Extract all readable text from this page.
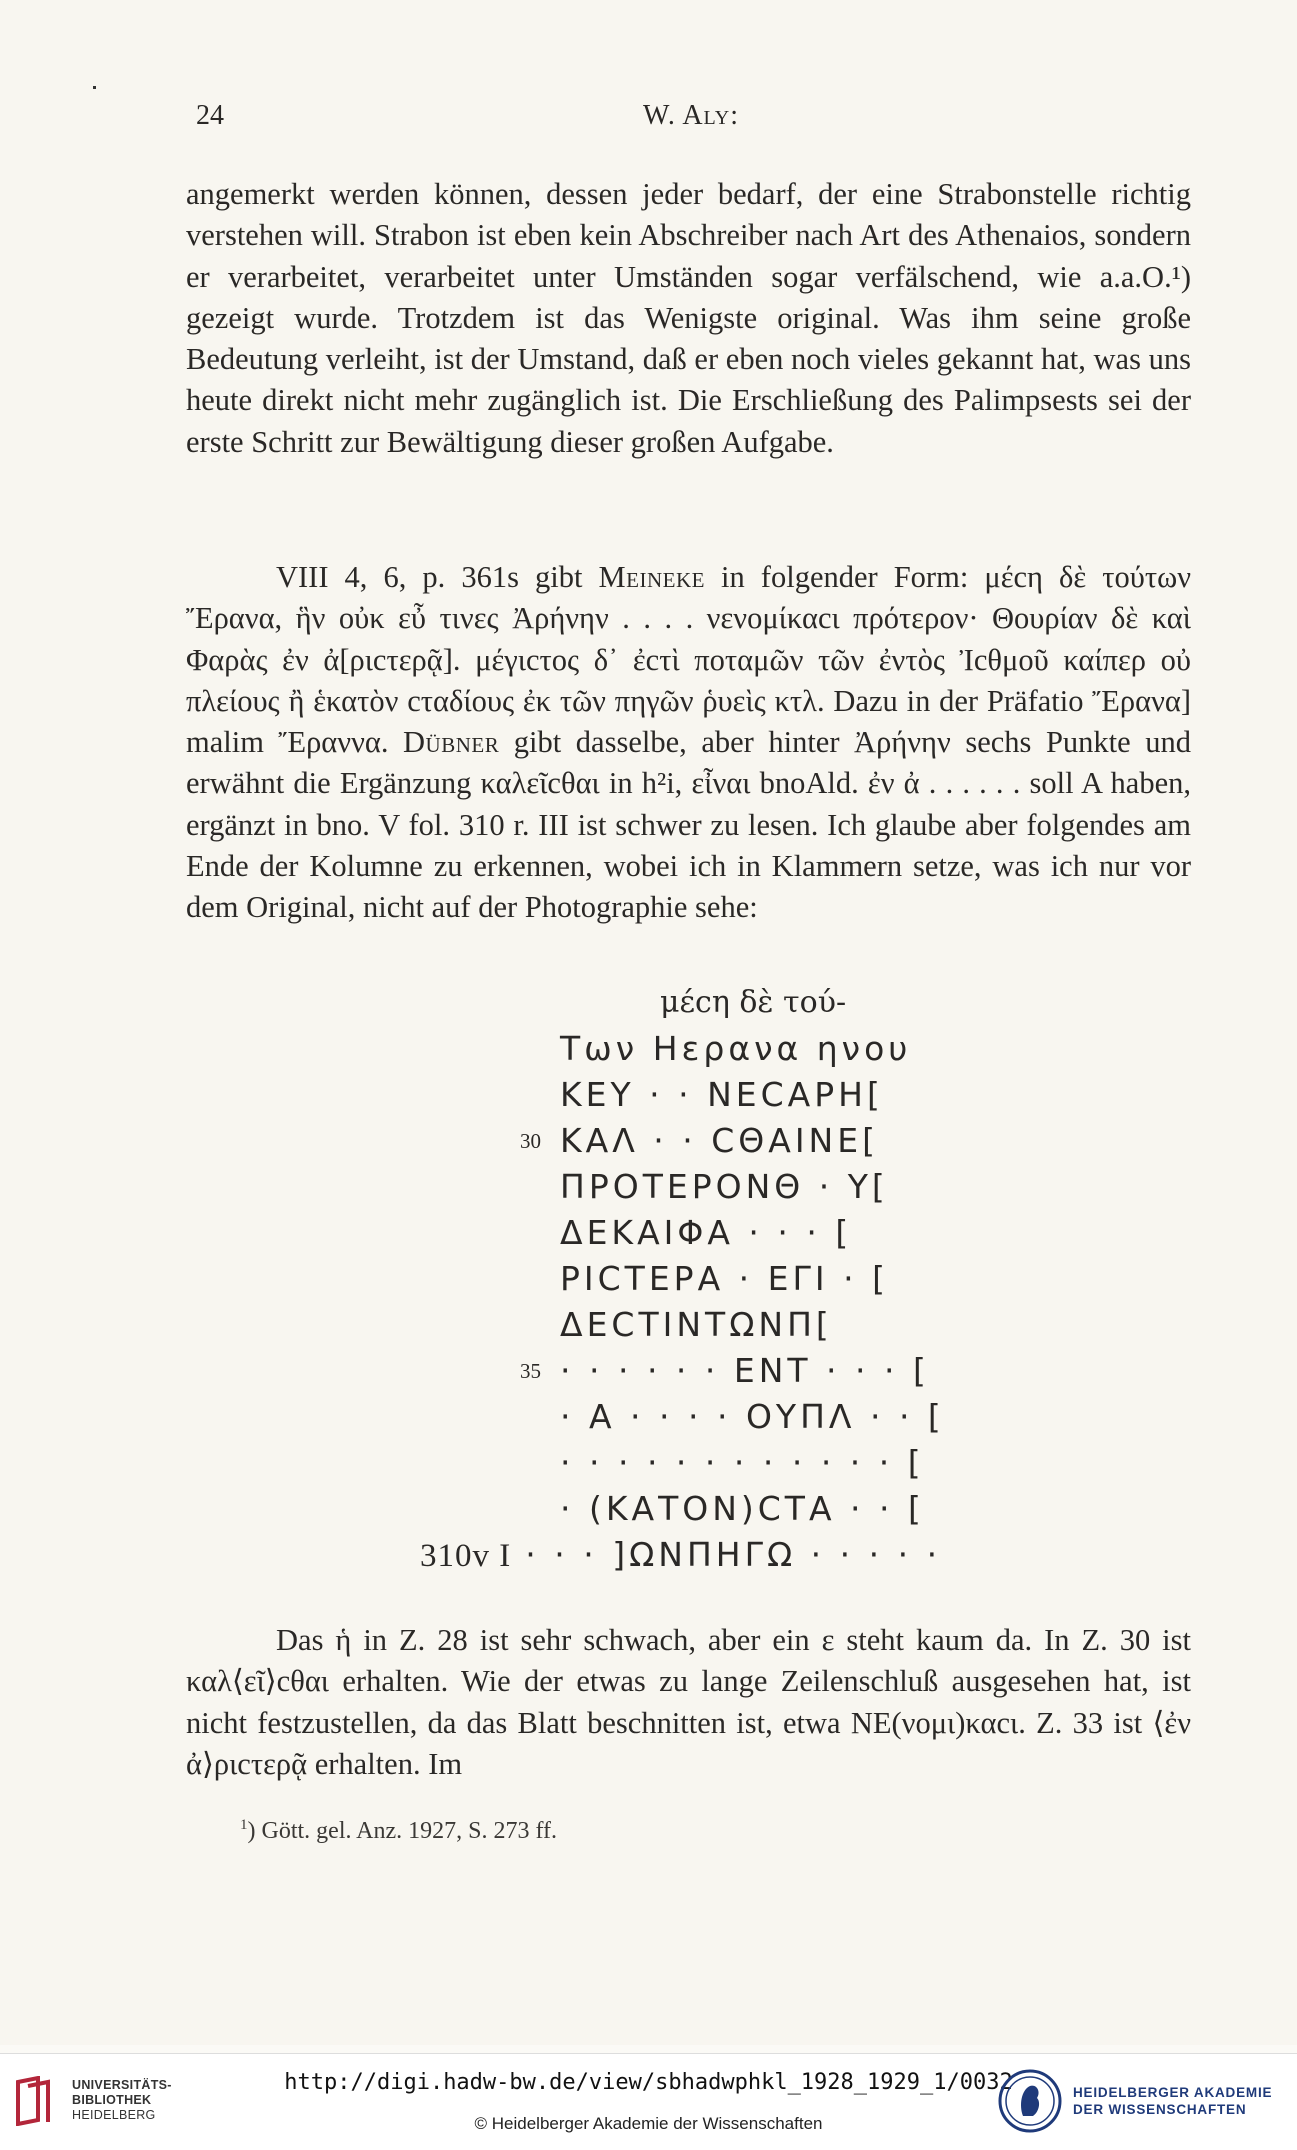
24	W. Aly:

angemerkt werden können, dessen jeder bedarf, der eine Strabonstelle richtig verstehen will. Strabon ist eben kein Abschreiber nach Art des Athenaios, sondern er verarbeitet, verarbeitet unter Umständen sogar verfälschend, wie a.a.O.¹) gezeigt wurde. Trotzdem ist das Wenigste original. Was ihm seine große Bedeutung verleiht, ist der Umstand, daß er eben noch vieles gekannt hat, was uns heute direkt nicht mehr zugänglich ist. Die Erschließung des Palimpsests sei der erste Schritt zur Bewältigung dieser großen Aufgabe.

VIII 4, 6, p. 361s gibt Meineke in folgender Form: μέcη δὲ τούτων Ἔρανα, ἣν οὐκ εὖ τινες Ἀρήνην . . . . νενομίκαcι πρότερον· Θουρίαν δὲ καὶ Φαρὰς ἐν ἀ[ριcτερᾷ]. μέγιcτος δ᾽ ἐcτὶ ποταμῶν τῶν ἐντὸς Ἰcθμοῦ καίπερ οὐ πλείους ἢ ἑκατὸν cταδίους ἐκ τῶν πηγῶν ῥυεὶς κτλ. Dazu in der Präfatio Ἔρανα] malim Ἔραννα. Dübner gibt dasselbe, aber hinter Ἀρήνην sechs Punkte und erwähnt die Ergänzung καλεῖcθαι in h²i, εἶναι bnoAld. ἐν ἀ . . . . . . soll A haben, ergänzt in bno. V fol. 310 r. III ist schwer zu lesen. Ich glaube aber folgendes am Ende der Kolumne zu erkennen, wobei ich in Klammern setze, was ich nur vor dem Original, nicht auf der Photographie sehe:

μέcη δὲ τού-
Των Ηερανα ηνου
ΚΕΥ · · ΝΕCΑΡΗ[
30 ΚΑΛ · · CΘΑΙΝΕ[
ΠΡΟΤΕΡΟΝΘ · Υ[
ΔΕΚΑΙΦΑ · · · [
ΡΙCΤΕΡΑ · ΕΓΙ · [
ΔΕCΤΙΝΤΩΝΠ[
35 · · · · · · ΕΝΤ · · · [
· Α · · · · ΟΥΠΛ · · [
· · · · · · · · · · · · [
· (ΚΑΤΟΝ)CΤΑ · · [
310v I · · · ]ΩΝΠΗΓΩ · · · · ·

Das ἡ in Z. 28 ist sehr schwach, aber ein ε steht kaum da. In Z. 30 ist καλ⟨εῖ⟩cθαι erhalten. Wie der etwas zu lange Zeilenschluß ausgesehen hat, ist nicht festzustellen, da das Blatt beschnitten ist, etwa ΝΕ(νομι)καcι. Z. 33 ist ⟨ἐν ἀ⟩ριcτερᾷ erhalten. Im

$^1$) Gött. gel. Anz. 1927, S. 273 ff.
UNIVERSITÄTS-
BIBLIOTHEK
HEIDELBERG
http://digi.hadw-bw.de/view/sbhadwphkl_1928_1929_1/0032
© Heidelberger Akademie der Wissenschaften
HEIDELBERGER AKADEMIE
DER WISSENSCHAFTEN
